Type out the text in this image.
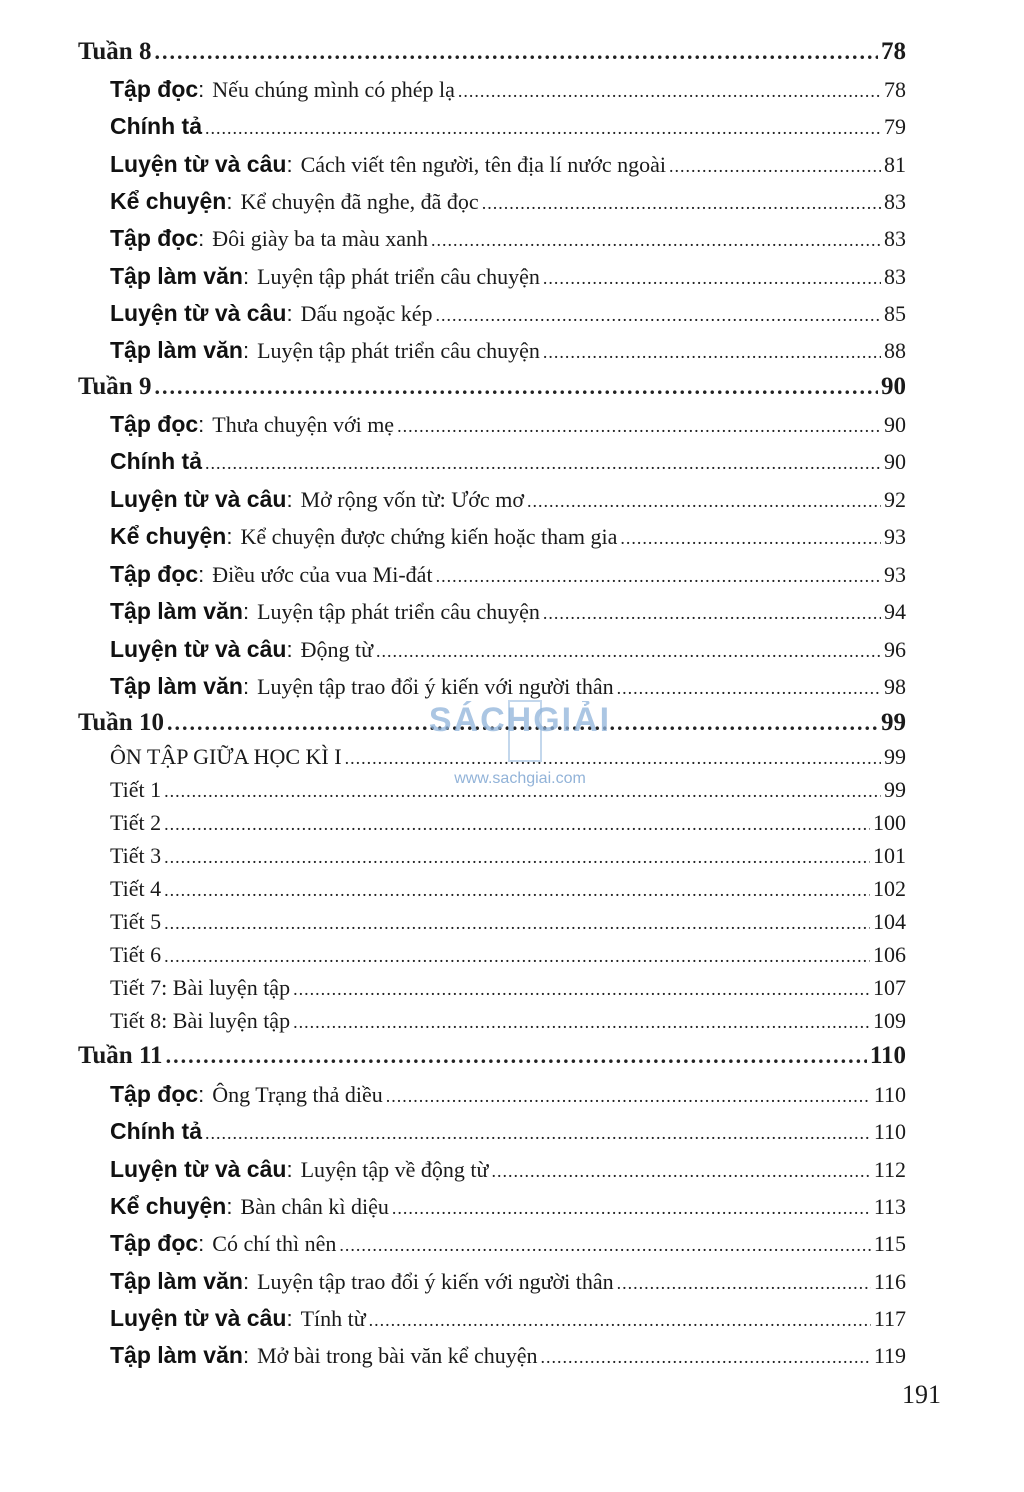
Tuần 8 .....	78
Tập đọc : Nếu chúng mình có phép lạ .....	78
Chính tả .....	79
Luyện từ và câu : Cách viết tên người, tên địa lí nước ngoài .....	81
Kể chuyện : Kể chuyện đã nghe, đã đọc .....	83
Tập đọc : Đôi giày ba ta màu xanh .....	83
Tập làm văn : Luyện tập phát triển câu chuyện .....	83
Luyện từ và câu : Dấu ngoặc kép .....	85
Tập làm văn : Luyện tập phát triển câu chuyện .....	88
Tuần 9 .....	90
Tập đọc : Thưa chuyện với mẹ .....	90
Chính tả .....	90
Luyện từ và câu : Mở rộng vốn từ: Ước mơ .....	92
Kể chuyện : Kể chuyện được chứng kiến hoặc tham gia .....	93
Tập đọc : Điều ước của vua Mi-đát .....	93
Tập làm văn : Luyện tập phát triển câu chuyện .....	94
Luyện từ và câu : Động từ .....	96
Tập làm văn : Luyện tập trao đổi ý kiến với người thân .....	98
Tuần 10 .....	99
ÔN TẬP GIỮA HỌC KÌ I .....	99
Tiết 1 .....	99
Tiết 2 .....	100
Tiết 3 .....	101
Tiết 4 .....	102
Tiết 5 .....	104
Tiết 6 .....	106
Tiết 7: Bài luyện tập .....	107
Tiết 8: Bài luyện tập .....	109
Tuần 11 .....	110
Tập đọc : Ông Trạng thả diều .....	110
Chính tả .....	110
Luyện từ và câu : Luyện tập về động từ .....	112
Kể chuyện : Bàn chân kì diệu .....	113
Tập đọc : Có chí thì nên .....	115
Tập làm văn : Luyện tập trao đổi ý kiến với người thân .....	116
Luyện từ và câu : Tính từ .....	117
Tập làm văn : Mở bài trong bài văn kể chuyện .....	119
SÁCHGIẢI
www.sachgiai.com
191
